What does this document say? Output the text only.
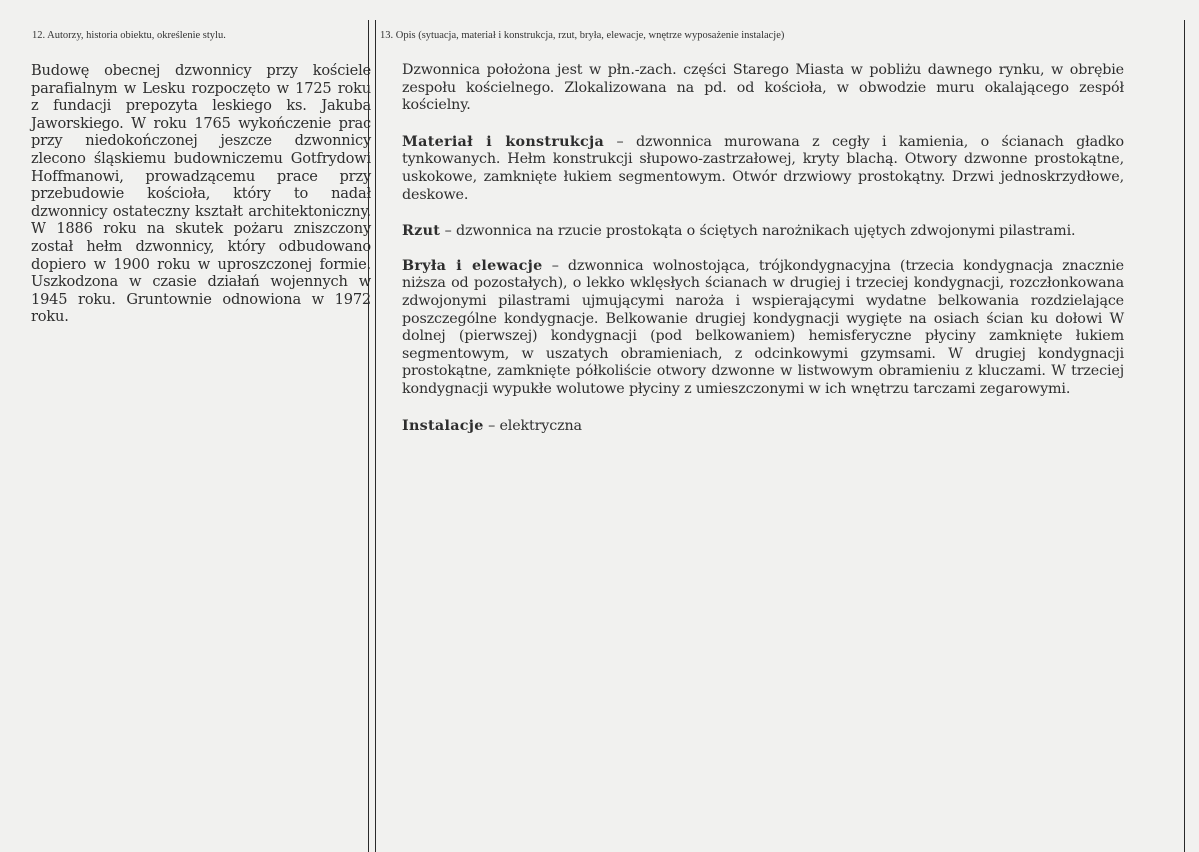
12. Autorzy, historia obiektu, określenie stylu.
Budowę obecnej dzwonnicy przy kościele parafialnym w Lesku rozpoczęto w 1725 roku z fundacji prepozyta leskiego ks. Jakuba Jaworskiego. W roku 1765 wykończenie prac przy niedokończonej jeszcze dzwonnicy zlecono śląskiemu budowniczemu Gotfrydowi Hoffmanowi, prowadzącemu prace przy przebudowie kościoła, który to nadał dzwonnicy ostateczny kształt architektoniczny. W 1886 roku na skutek pożaru zniszczony został hełm dzwonnicy, który odbudowano dopiero w 1900 roku w uproszczonej formie. Uszkodzona w czasie działań wojennych w 1945 roku. Gruntownie odnowiona w 1972 roku.
13. Opis (sytuacja, materiał i konstrukcja, rzut, bryła, elewacje, wnętrze wyposażenie instalacje)

Dzwonnica położona jest w płn.-zach. części Starego Miasta w pobliżu dawnego rynku, w obrębie zespołu kościelnego. Zlokalizowana na pd. od kościoła, w obwodzie muru okalającego zespół kościelny.

Materiał i konstrukcja – dzwonnica murowana z cegły i kamienia, o ścianach gładko tynkowanych. Hełm konstrukcji słupowo-zastrzałowej, kryty blachą. Otwory dzwonne prostokątne, uskokowe, zamknięte łukiem segmentowym. Otwór drzwiowy prostokątny. Drzwi jednoskrzydłowe, deskowe.

Rzut – dzwonnica na rzucie prostokąta o ściętych narożnikach ujętych zdwojonymi pilastrami.

Bryła i elewacje – dzwonnica wolnostojąca, trójkondygnacyjna (trzecia kondygnacja znacznie niższa od pozostałych), o lekko wklęsłych ścianach w drugiej i trzeciej kondygnacji, rozczłonkowana zdwojonymi pilastrami ujmującymi naroża i wspierającymi wydatne belkowania rozdzielające poszczególne kondygnacje. Belkowanie drugiej kondygnacji wygięte na osiach ścian ku dołowi W dolnej (pierwszej) kondygnacji (pod belkowaniem) hemisferyczne płyciny zamknięte łukiem segmentowym, w uszatych obramieniach, z odcinkowymi gzymsami. W drugiej kondygnacji prostokątne, zamknięte półkoliście otwory dzwonne w listwowym obramieniu z kluczami. W trzeciej kondygnacji wypukłe wolutowe płyciny z umieszczonymi w ich wnętrzu tarczami zegarowymi.

Instalacje – elektryczna
